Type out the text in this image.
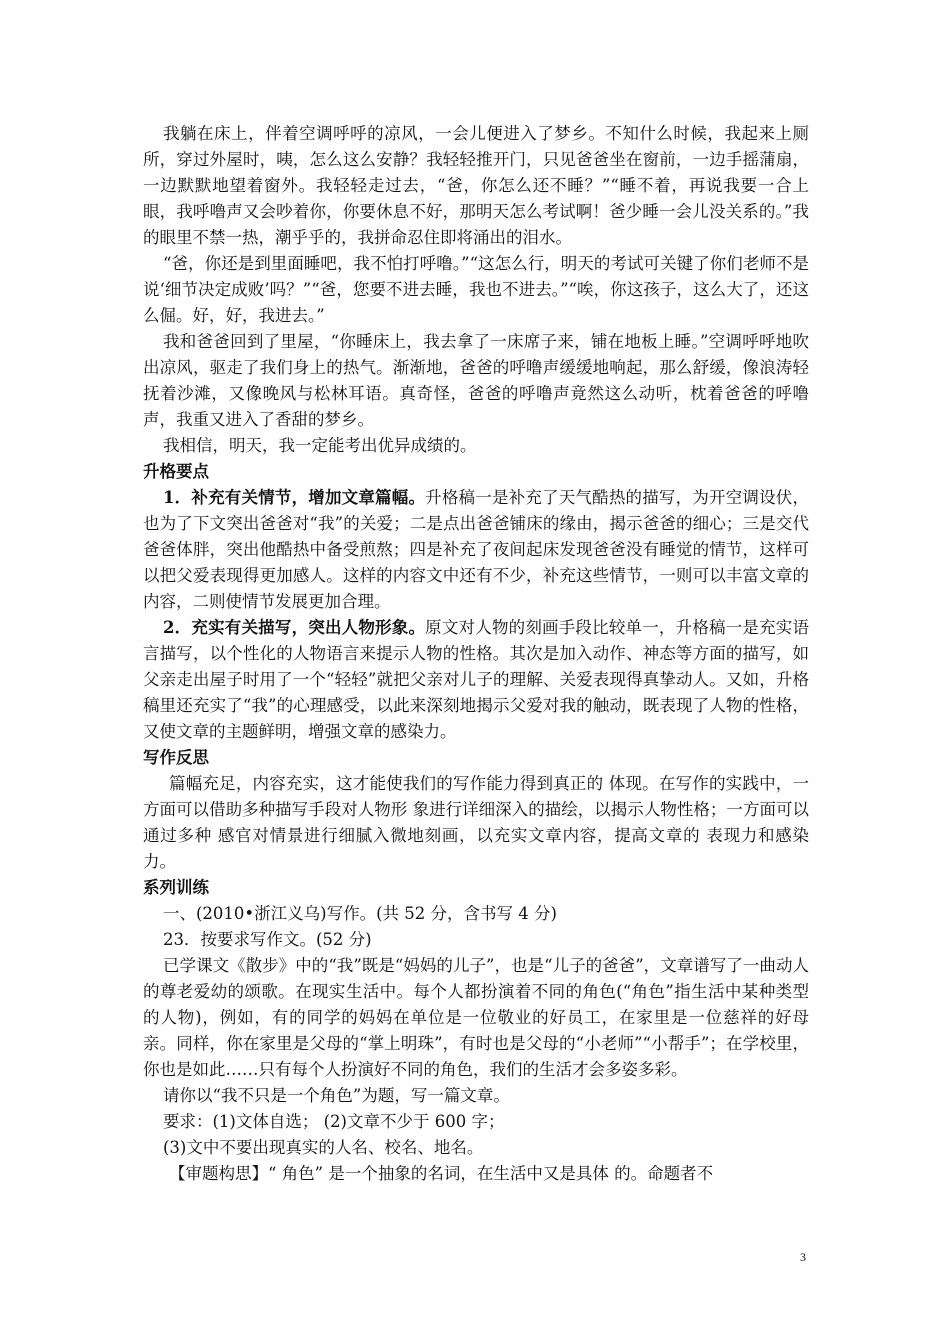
我躺在床上，伴着空调呼呼的凉风，一会儿便进入了梦乡。不知什么时候，我起来上厕所，穿过外屋时，咦，怎么这么安静？我轻轻推开门，只见爸爸坐在窗前，一边手摇蒲扇，一边默默地望着窗外。我轻轻走过去，“爸，你怎么还不睡？”“睡不着，再说我要一合上眼，我呼噜声又会吵着你，你要休息不好，那明天怎么考试啊！爸少睡一会儿没关系的。”我的眼里不禁一热，潮乎乎的，我拼命忍住即将涌出的泪水。

“爸，你还是到里面睡吧，我不怕打呼噜。”“这怎么行，明天的考试可关键了你们老师不是说‘细节决定成败’吗？”“爸，您要不进去睡，我也不进去。”“唉，你这孩子，这么大了，还这么倔。好，好，我进去。”

我和爸爸回到了里屋，“你睡床上，我去拿了一床席子来，铺在地板上睡。”空调呼呼地吹出凉风，驱走了我们身上的热气。渐渐地，爸爸的呼噜声缓缓地响起，那么舒缓，像浪涛轻抚着沙滩，又像晚风与松林耳语。真奇怪，爸爸的呼噜声竟然这么动听，枕着爸爸的呼噜声，我重又进入了香甜的梦乡。

我相信，明天，我一定能考出优异成绩的。

升格要点

1．补充有关情节，增加文章篇幅。升格稿一是补充了天气酷热的描写，为开空调设伏，也为了下文突出爸爸对“我”的关爱；二是点出爸爸铺床的缘由，揭示爸爸的细心；三是交代爸爸体胖，突出他酷热中备受煎熬；四是补充了夜间起床发现爸爸没有睡觉的情节，这样可以把父爱表现得更加感人。这样的内容文中还有不少，补充这些情节，一则可以丰富文章的内容，二则使情节发展更加合理。

2．充实有关描写，突出人物形象。原文对人物的刻画手段比较单一，升格稿一是充实语言描写，以个性化的人物语言来提示人物的性格。其次是加入动作、神态等方面的描写，如父亲走出屋子时用了一个“轻轻”就把父亲对儿子的理解、关爱表现得真挚动人。又如，升格稿里还充实了“我”的心理感受，以此来深刻地揭示父爱对我的触动，既表现了人物的性格，又使文章的主题鲜明，增强文章的感染力。

写作反思

篇幅充足，内容充实，这才能使我们的写作能力得到真正的 体现。在写作的实践中，一方面可以借助多种描写手段对人物形 象进行详细深入的描绘，以揭示人物性格；一方面可以通过多种 感官对情景进行细腻入微地刻画，以充实文章内容，提高文章的 表现力和感染力。

系列训练

一、(2010•浙江义乌)写作。(共 52 分，含书写 4 分)

23．按要求写作文。(52 分)

已学课文《散步》中的“我”既是“妈妈的儿子”，也是“儿子的爸爸”，文章谱写了一曲动人的尊老爱幼的颂歌。在现实生活中。每个人都扮演着不同的角色(“角色”指生活中某种类型的人物)，例如，有的同学的妈妈在单位是一位敬业的好员工，在家里是一位慈祥的好母亲。同样，你在家里是父母的“掌上明珠”，有时也是父母的“小老师”“小帮手”；在学校里，你也是如此……只有每个人扮演好不同的角色，我们的生活才会多姿多彩。

请你以“我不只是一个角色”为题，写一篇文章。

要求：(1)文体自选； (2)文章不少于 600 字；

(3)文中不要出现真实的人名、校名、地名。

【审题构思】“ 角色” 是一个抽象的名词，在生活中又是具体 的。命题者不

3
